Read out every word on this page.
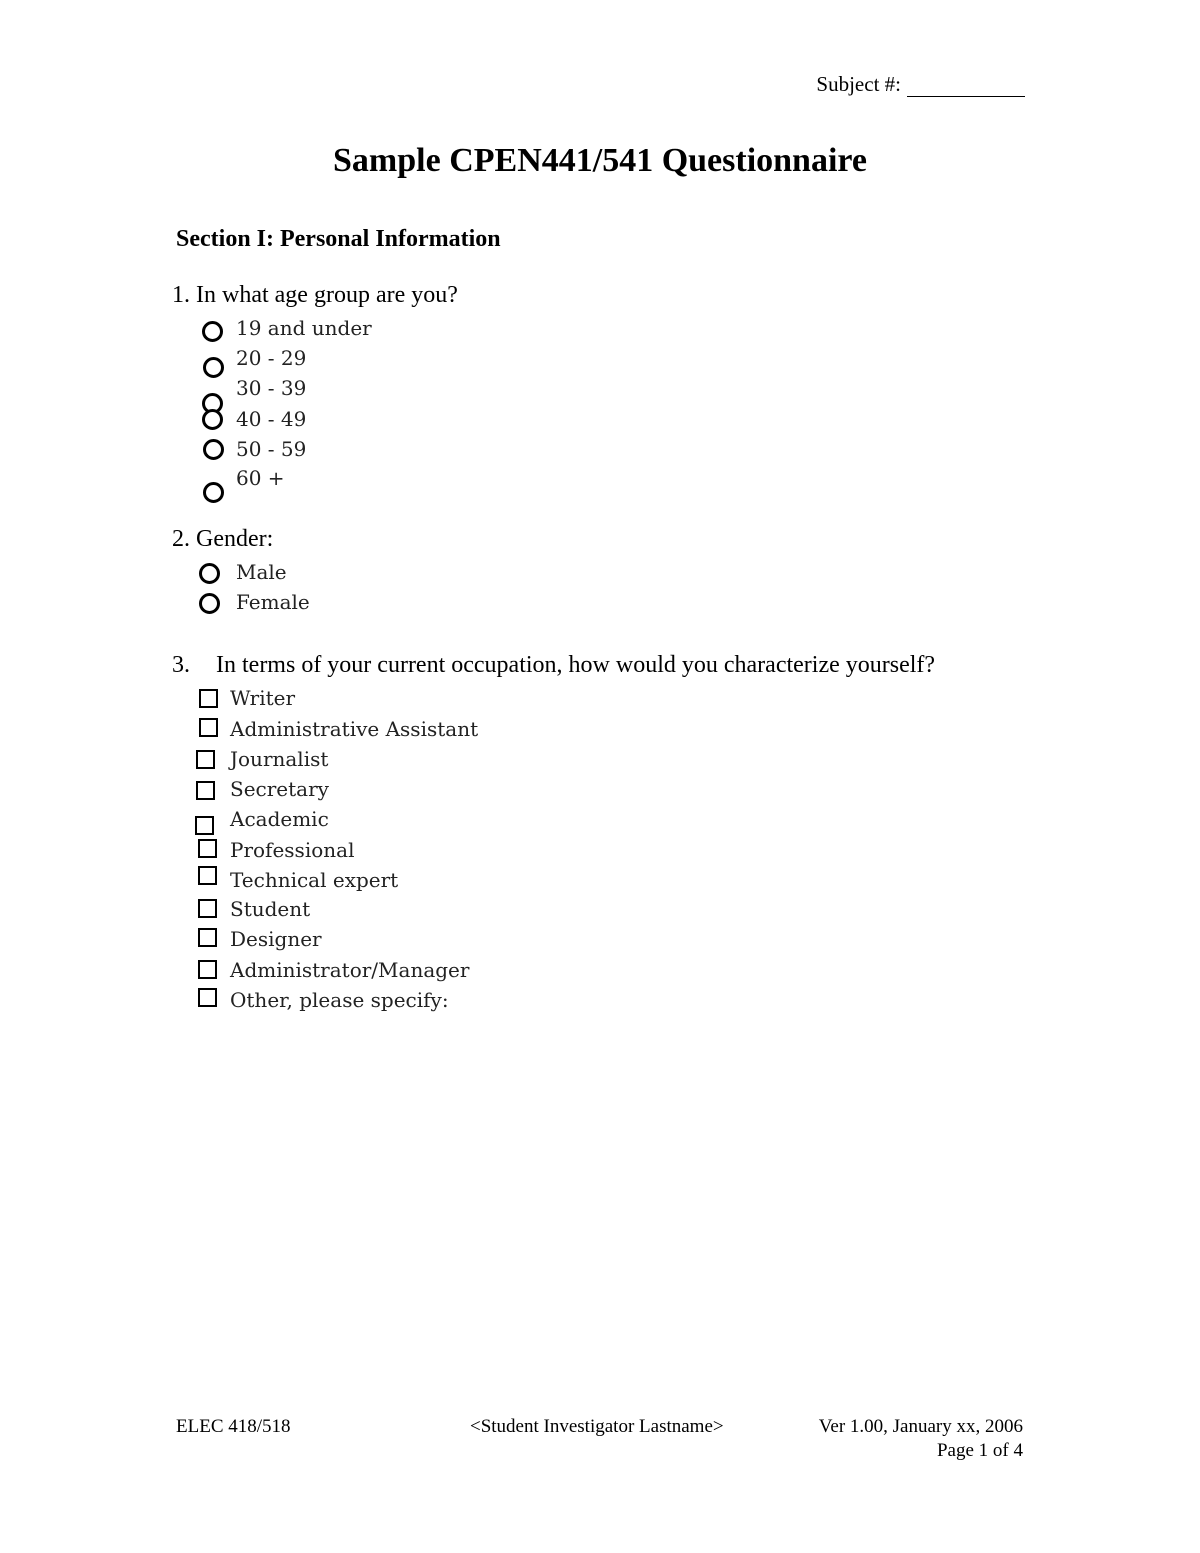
Subject #:
Sample CPEN441/541 Questionnaire
Section I: Personal Information
1. In what age group are you?
19 and under
20 - 29
30 - 39
40 - 49
50 - 59
60 +
2. Gender:
Male
Female
3. In terms of your current occupation, how would you characterize yourself?
Writer
Administrative Assistant
Journalist
Secretary
Academic
Professional
Technical expert
Student
Designer
Administrator/Manager
Other, please specify:
ELEC 418/518	<Student Investigator Lastname>	Ver 1.00, January xx, 2006
Page 1 of 4
